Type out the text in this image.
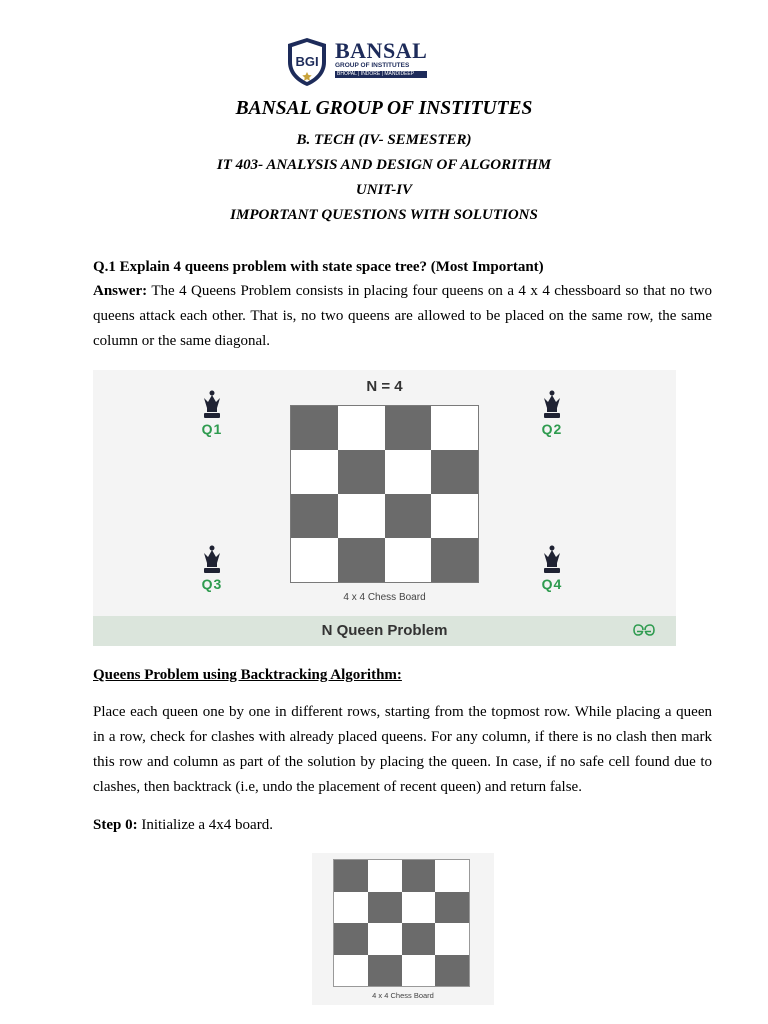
BGI BANSAL
GROUP OF INSTITUTES
BHOPAL | INDORE | MANDIDEEP
BANSAL GROUP OF INSTITUTES
B. TECH (IV- SEMESTER)
IT 403- ANALYSIS AND DESIGN OF ALGORITHM
UNIT-IV
IMPORTANT QUESTIONS WITH SOLUTIONS
Q.1 Explain 4 queens problem with state space tree? (Most Important)
Answer: The 4 Queens Problem consists in placing four queens on a 4 x 4 chessboard so that no two queens attack each other. That is, no two queens are allowed to be placed on the same row, the same column or the same diagonal.
N = 4
Q1	Q2
Q3	Q4
4 x 4 Chess Board
N Queen Problem
Queens Problem using Backtracking Algorithm:
Place each queen one by one in different rows, starting from the topmost row. While placing a queen in a row, check for clashes with already placed queens. For any column, if there is no clash then mark this row and column as part of the solution by placing the queen. In case, if no safe cell found due to clashes, then backtrack (i.e, undo the placement of recent queen) and return false.
Step 0: Initialize a 4x4 board.
4 x 4 Chess Board
